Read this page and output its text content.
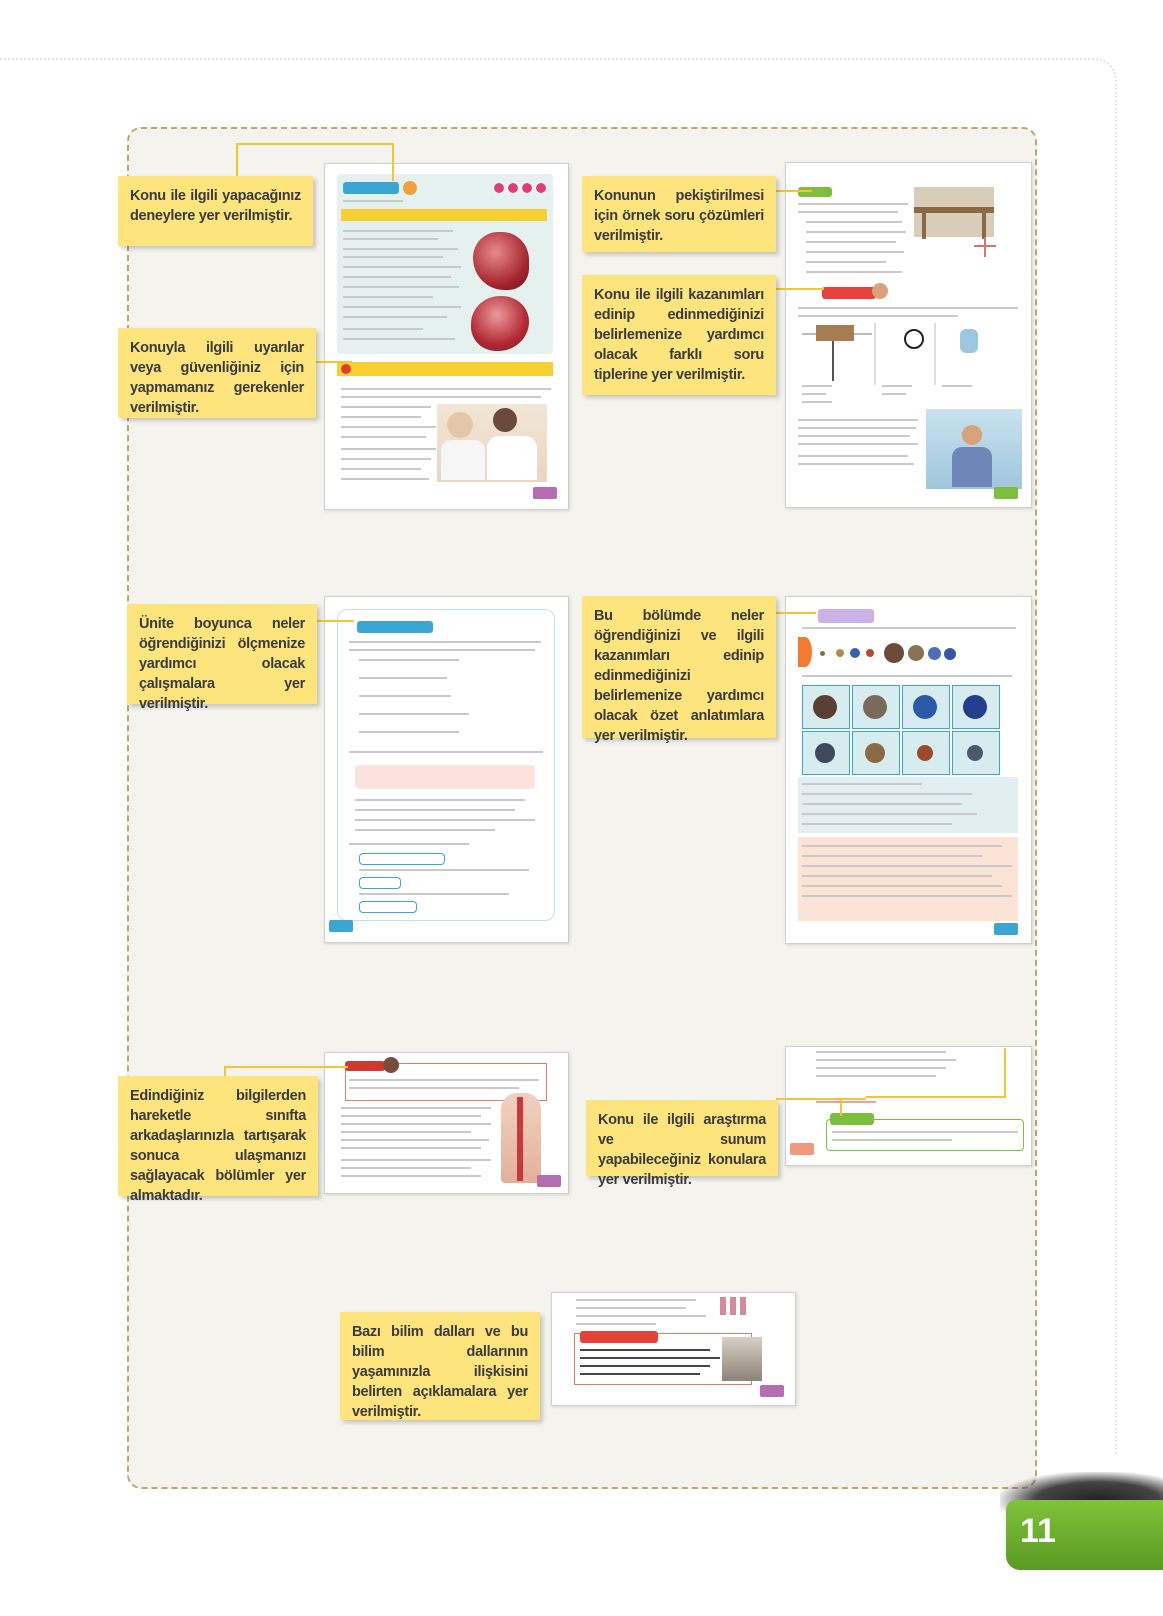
Konu ile ilgili yapacağınız deneylere yer verilmiştir.
Konuyla ilgili uyarılar veya güvenliğiniz için yapmamanız gerekenler verilmiştir.
Konunun pekiştirilmesi için örnek soru çözümleri verilmiştir.
Konu ile ilgili kazanımları edinip edinmediğinizi belirlemenize yardımcı olacak farklı soru tiplerine yer verilmiştir.
Ünite boyunca neler öğrendiğinizi ölçmenize yardımcı olacak çalışmalara yer verilmiştir.
Bu bölümde neler öğrendiğinizi ve ilgili kazanımları edinip edinmediğinizi belirlemenize yardımcı olacak özet anlatımlara yer verilmiştir.
Edindiğiniz bilgilerden hareketle sınıfta arkadaşlarınızla tartışarak sonuca ulaşmanızı sağlayacak bölümler yer almaktadır.
Konu ile ilgili araştırma ve sunum yapabileceğiniz konulara yer verilmiştir.
Bazı bilim dalları ve bu bilim dallarının yaşamınızla ilişkisini belirten açıklamalara yer verilmiştir.
11
